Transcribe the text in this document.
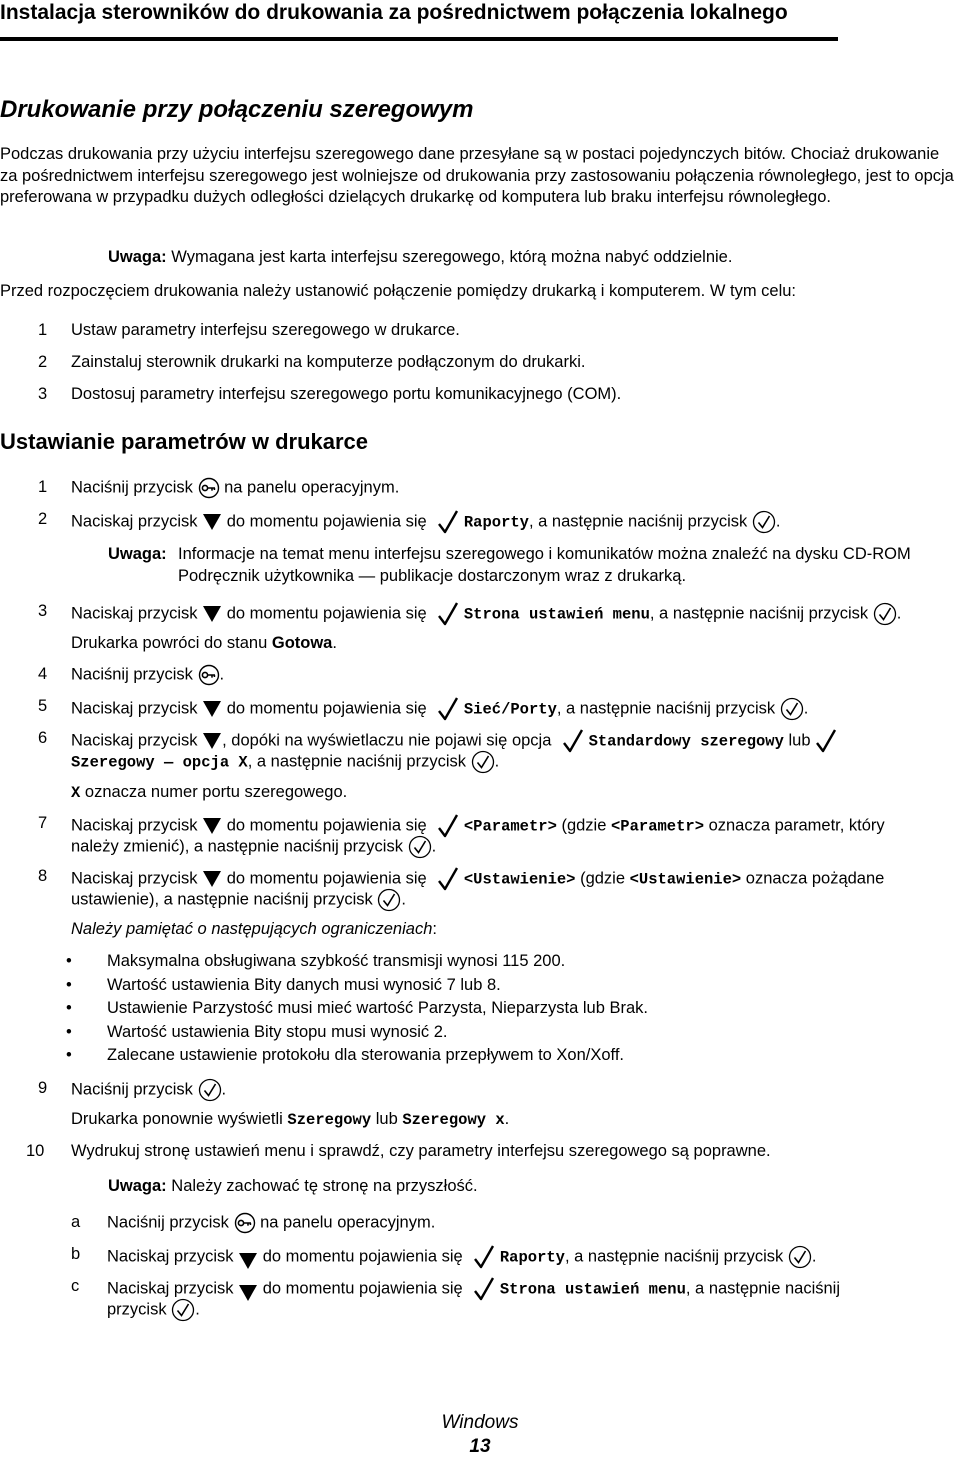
Instalacja sterowników do drukowania za pośrednictwem połączenia lokalnego
Drukowanie przy połączeniu szeregowym
Podczas drukowania przy użyciu interfejsu szeregowego dane przesyłane są w postaci pojedynczych bitów. Chociaż drukowanie za pośrednictwem interfejsu szeregowego jest wolniejsze od drukowania przy zastosowaniu połączenia równoległego, jest to opcja preferowana w przypadku dużych odległości dzielących drukarkę od komputera lub braku interfejsu równoległego.
Uwaga: Wymagana jest karta interfejsu szeregowego, którą można nabyć oddzielnie.
Przed rozpoczęciem drukowania należy ustanowić połączenie pomiędzy drukarką i komputerem. W tym celu:
1	Ustaw parametry interfejsu szeregowego w drukarce.
2	Zainstaluj sterownik drukarki na komputerze podłączonym do drukarki.
3	Dostosuj parametry interfejsu szeregowego portu komunikacyjnego (COM).
Ustawianie parametrów w drukarce
1	Naciśnij przycisk na panelu operacyjnym.
2	Naciskaj przycisk do momentu pojawienia się Raporty, a następnie naciśnij przycisk .
Uwaga: Informacje na temat menu interfejsu szeregowego i komunikatów można znaleźć na dysku CD-ROM
Podręcznik użytkownika — publikacje dostarczonym wraz z drukarką.
3	Naciskaj przycisk do momentu pojawienia się Strona ustawień menu, a następnie naciśnij przycisk .
Drukarka powróci do stanu Gotowa.
4	Naciśnij przycisk .
5	Naciskaj przycisk do momentu pojawienia się Sieć/Porty, a następnie naciśnij przycisk .
6	Naciskaj przycisk , dopóki na wyświetlaczu nie pojawi się opcja Standardowy szeregowy lub
Szeregowy — opcja X, a następnie naciśnij przycisk .
X oznacza numer portu szeregowego.
7	Naciskaj przycisk do momentu pojawienia się <Parametr> (gdzie <Parametr> oznacza parametr, który
należy zmienić), a następnie naciśnij przycisk .
8	Naciskaj przycisk do momentu pojawienia się <Ustawienie> (gdzie <Ustawienie> oznacza pożądane
ustawienie), a następnie naciśnij przycisk .
Należy pamiętać o następujących ograniczeniach:
• Maksymalna obsługiwana szybkość transmisji wynosi 115 200.
• Wartość ustawienia Bity danych musi wynosić 7 lub 8.
• Ustawienie Parzystość musi mieć wartość Parzysta, Nieparzysta lub Brak.
• Wartość ustawienia Bity stopu musi wynosić 2.
• Zalecane ustawienie protokołu dla sterowania przepływem to Xon/Xoff.
9	Naciśnij przycisk .
Drukarka ponownie wyświetli Szeregowy lub Szeregowy x.
10	Wydrukuj stronę ustawień menu i sprawdź, czy parametry interfejsu szeregowego są poprawne.
Uwaga: Należy zachować tę stronę na przyszłość.
a	Naciśnij przycisk na panelu operacyjnym.
b	Naciskaj przycisk do momentu pojawienia się Raporty, a następnie naciśnij przycisk .
c	Naciskaj przycisk do momentu pojawienia się Strona ustawień menu, a następnie naciśnij
przycisk .
Windows
13
